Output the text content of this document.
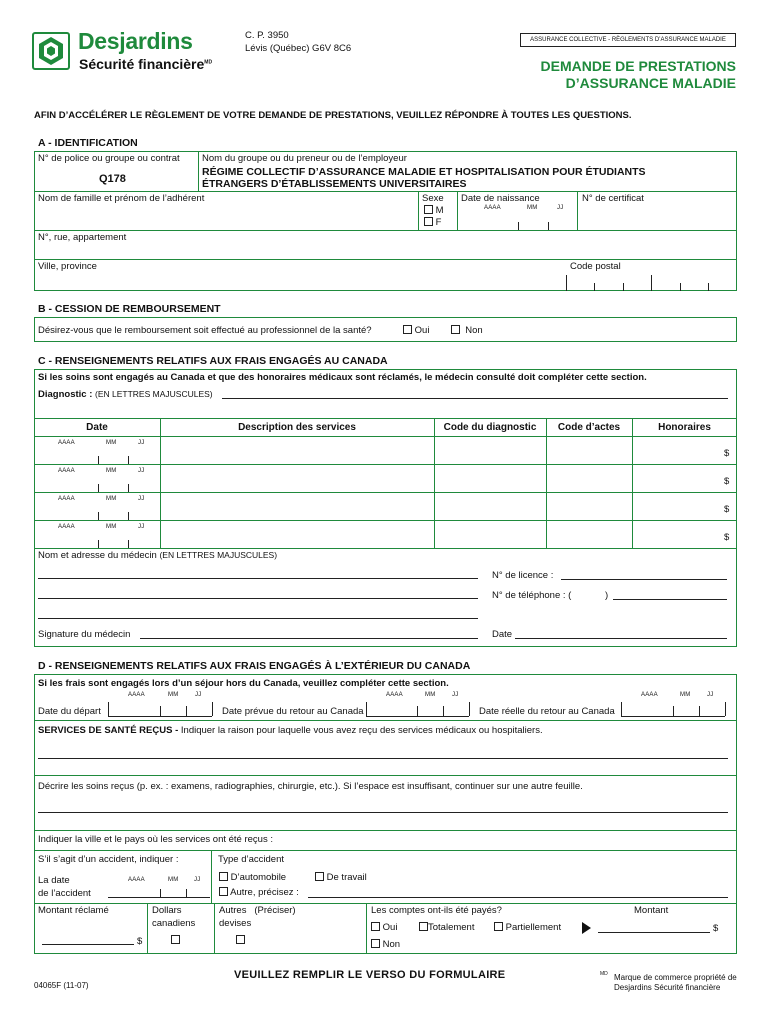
Desjardins
Sécurité financière$^{MD}$
C. P. 3950
Lévis (Québec) G6V 8C6
ASSURANCE COLLECTIVE - RÈGLEMENTS D’ASSURANCE MALADIE
DEMANDE DE PRESTATIONS
D’ASSURANCE MALADIE
AFIN D’ACCÉLÉRER LE RÈGLEMENT DE VOTRE DEMANDE DE PRESTATIONS, VEUILLEZ RÉPONDRE À TOUTES LES QUESTIONS.
A - IDENTIFICATION
N° de police ou groupe ou contrat
Q178
Nom du groupe ou du preneur ou de l’employeur
RÉGIME COLLECTIF D’ASSURANCE MALADIE ET HOSPITALISATION POUR ÉTUDIANTS
ÉTRANGERS D’ÉTABLISSEMENTS UNIVERSITAIRES
Nom de famille et prénom de l’adhérent	Sexe
M
F
Date de naissance
AAAA	MM	JJ
N° de certificat
N°, rue, appartement
Ville, province	Code postal
B - CESSION DE REMBOURSEMENT
Désirez-vous que le remboursement soit effectué au professionnel de la santé?	Oui	Non
C - RENSEIGNEMENTS RELATIFS AUX FRAIS ENGAGÉS AU CANADA
Si les soins sont engagés au Canada et que des honoraires médicaux sont réclamés, le médecin consulté doit compléter cette section.
Diagnostic : (EN LETTRES MAJUSCULES)
Date	Description des services	Code du diagnostic	Code d’actes	Honoraires
AAAA	MM	JJ
$
AAAA	MM	JJ
$
AAAA	MM	JJ
$
AAAA	MM	JJ
$
Nom et adresse du médecin (EN LETTRES MAJUSCULES)
N° de licence :
N° de téléphone : (	)
Signature du médecin	Date
D - RENSEIGNEMENTS RELATIFS AUX FRAIS ENGAGÉS À L’EXTÉRIEUR DU CANADA
Si les frais sont engagés lors d’un séjour hors du Canada, veuillez compléter cette section.
AAAA	MM	JJ
Date du départ	Date prévue du retour au Canada
AAAA	MM	JJ
Date réelle du retour au Canada
AAAA	MM	JJ
SERVICES DE SANTÉ REÇUS - Indiquer la raison pour laquelle vous avez reçu des services médicaux ou hospitaliers.
Décrire les soins reçus (p. ex. : examens, radiographies, chirurgie, etc.). Si l’espace est insuffisant, continuer sur une autre feuille.
Indiquer la ville et le pays où les services ont été reçus :
S’il s’agit d’un accident, indiquer :
La date
de l’accident
AAAA	MM	JJ
Type d’accident
D’automobile	De travail
Autre, précisez :
Montant réclamé
$
Dollars
canadiens
Autres (Préciser)
devises
Les comptes ont-ils été payés?	Montant
Oui	Totalement	Partiellement	$
Non
04065F (11-07)
VEUILLEZ REMPLIR LE VERSO DU FORMULAIRE	MD Marque de commerce propriété de
Desjardins Sécurité financière
